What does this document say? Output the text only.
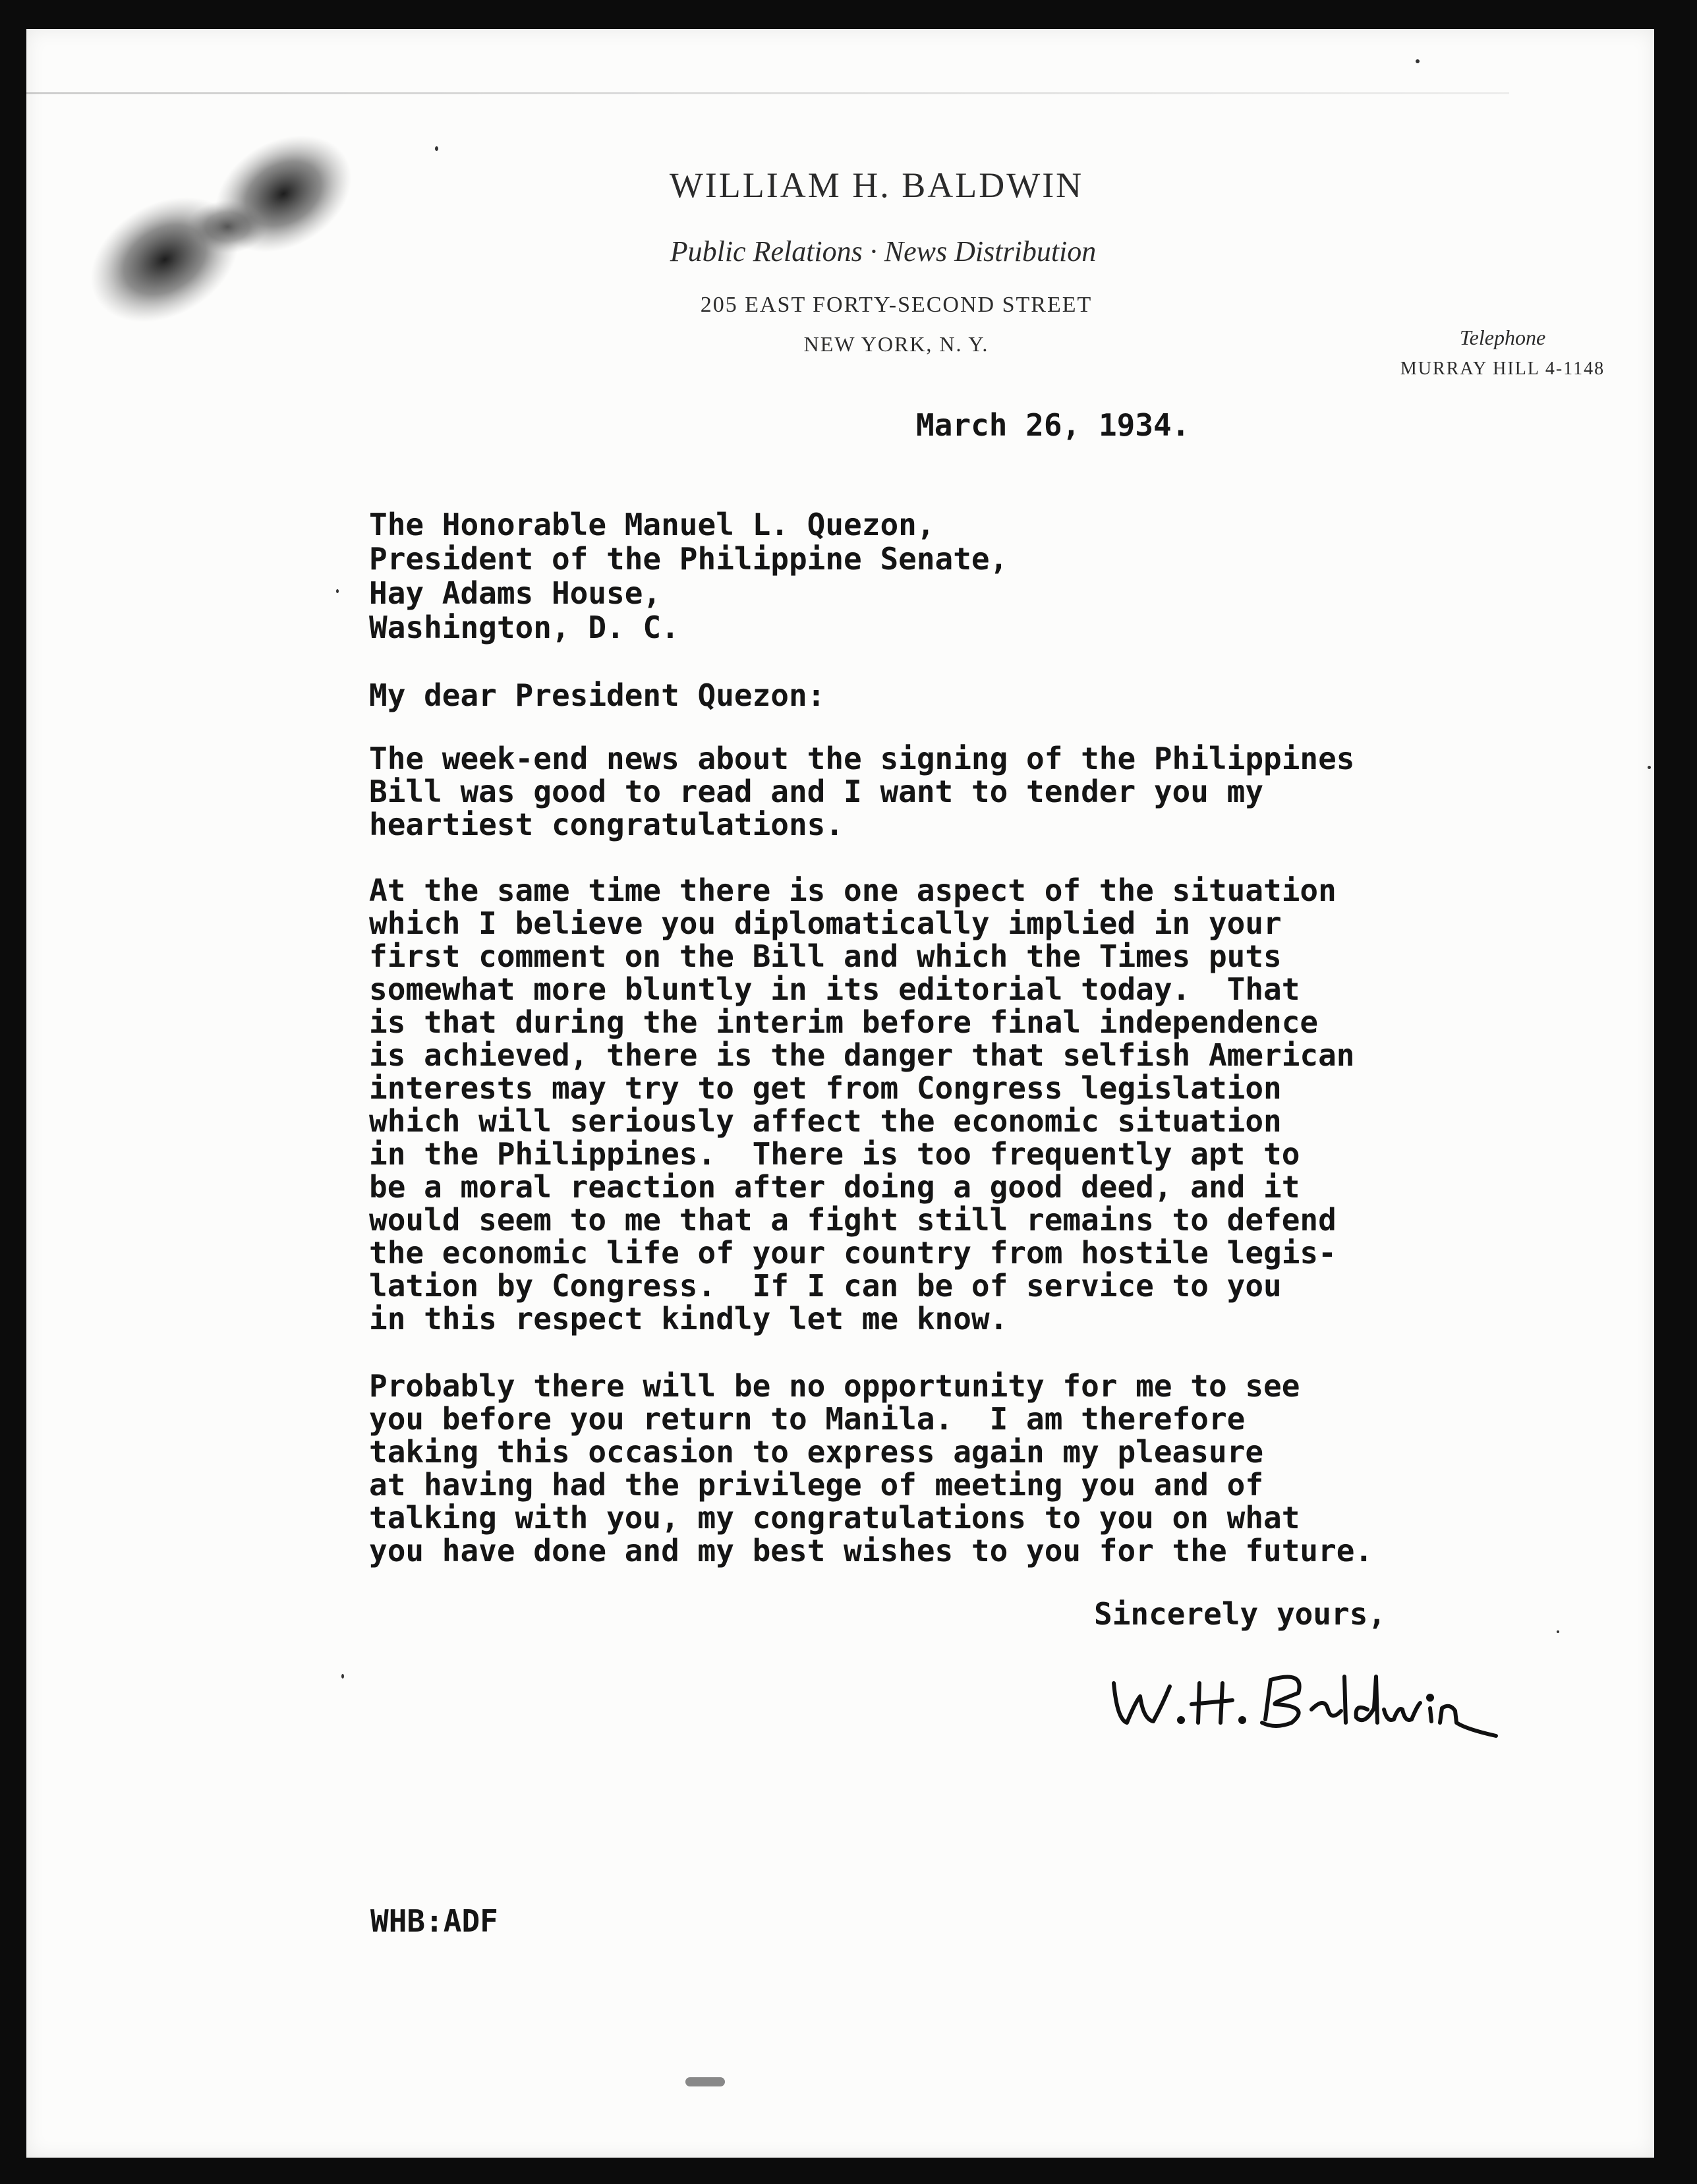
WILLIAM H. BALDWIN
Public Relations · News Distribution
205 EAST FORTY-SECOND STREET
NEW YORK, N. Y.	Telephone
MURRAY HILL 4-1148
March 26, 1934.
The Honorable Manuel L. Quezon,
President of the Philippine Senate,
Hay Adams House,
Washington, D. C.
My dear President Quezon:
The week-end news about the signing of the Philippines
Bill was good to read and I want to tender you my
heartiest congratulations.
At the same time there is one aspect of the situation
which I believe you diplomatically implied in your
first comment on the Bill and which the Times puts
somewhat more bluntly in its editorial today.  That
is that during the interim before final independence
is achieved, there is the danger that selfish American
interests may try to get from Congress legislation
which will seriously affect the economic situation
in the Philippines.  There is too frequently apt to
be a moral reaction after doing a good deed, and it
would seem to me that a fight still remains to defend
the economic life of your country from hostile legis-
lation by Congress.  If I can be of service to you
in this respect kindly let me know.
Probably there will be no opportunity for me to see
you before you return to Manila.  I am therefore
taking this occasion to express again my pleasure
at having had the privilege of meeting you and of
talking with you, my congratulations to you on what
you have done and my best wishes to you for the future.
Sincerely yours,
WHB:ADF
